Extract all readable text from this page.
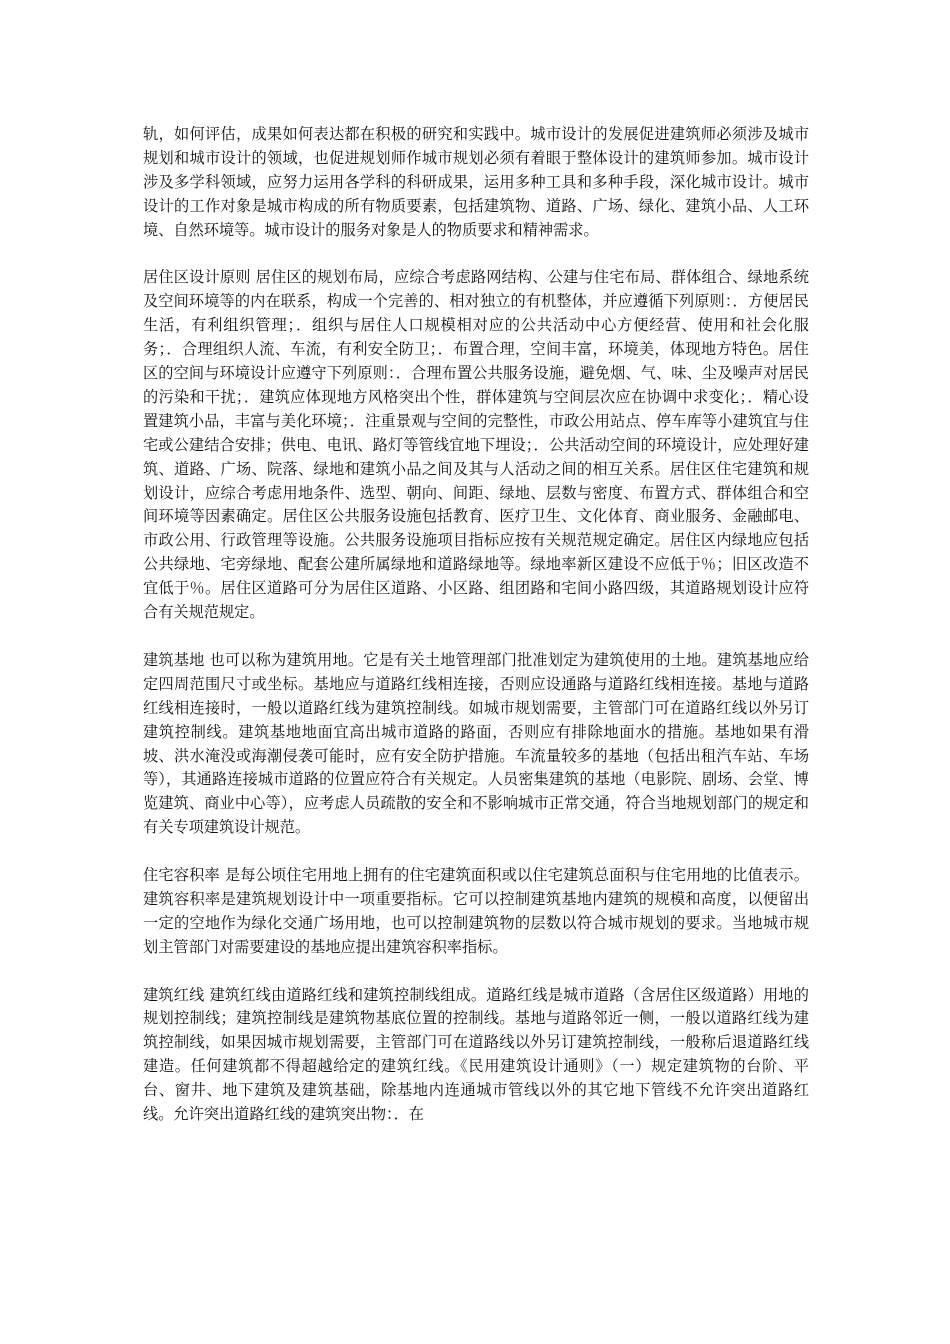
轨，如何评估，成果如何表达都在积极的研究和实践中。城市设计的发展促进建筑师必须涉及城市规划和城市设计的领域，也促进规划师作城市规划必须有着眼于整体设计的建筑师参加。城市设计涉及多学科领域，应努力运用各学科的科研成果，运用多种工具和多种手段，深化城市设计。城市设计的工作对象是城市构成的所有物质要素，包括建筑物、道路、广场、绿化、建筑小品、人工环境、自然环境等。城市设计的服务对象是人的物质要求和精神需求。

居住区设计原则 居住区的规划布局，应综合考虑路网结构、公建与住宅布局、群体组合、绿地系统及空间环境等的内在联系，构成一个完善的、相对独立的有机整体，并应遵循下列原则：．方便居民生活，有利组织管理；．组织与居住人口规模相对应的公共活动中心方便经营、使用和社会化服务；．合理组织人流、车流，有利安全防卫；．布置合理，空间丰富，环境美，体现地方特色。居住区的空间与环境设计应遵守下列原则：．合理布置公共服务设施，避免烟、气、味、尘及噪声对居民的污染和干扰；．建筑应体现地方风格突出个性，群体建筑与空间层次应在协调中求变化；．精心设置建筑小品，丰富与美化环境；．注重景观与空间的完整性，市政公用站点、停车库等小建筑宜与住宅或公建结合安排；供电、电讯、路灯等管线宜地下埋设；．公共活动空间的环境设计，应处理好建筑、道路、广场、院落、绿地和建筑小品之间及其与人活动之间的相互关系。居住区住宅建筑和规划设计，应综合考虑用地条件、选型、朝向、间距、绿地、层数与密度、布置方式、群体组合和空间环境等因素确定。居住区公共服务设施包括教育、医疗卫生、文化体育、商业服务、金融邮电、市政公用、行政管理等设施。公共服务设施项目指标应按有关规范规定确定。居住区内绿地应包括公共绿地、宅旁绿地、配套公建所属绿地和道路绿地等。绿地率新区建设不应低于％；旧区改造不宜低于％。居住区道路可分为居住区道路、小区路、组团路和宅间小路四级，其道路规划设计应符合有关规范规定。

建筑基地 也可以称为建筑用地。它是有关土地管理部门批准划定为建筑使用的土地。建筑基地应给定四周范围尺寸或坐标。基地应与道路红线相连接，否则应设通路与道路红线相连接。基地与道路红线相连接时，一般以道路红线为建筑控制线。如城市规划需要，主管部门可在道路红线以外另订建筑控制线。建筑基地地面宜高出城市道路的路面，否则应有排除地面水的措施。基地如果有滑坡、洪水淹没或海潮侵袭可能时，应有安全防护措施。车流量较多的基地（包括出租汽车站、车场等），其通路连接城市道路的位置应符合有关规定。人员密集建筑的基地（电影院、剧场、会堂、博览建筑、商业中心等），应考虑人员疏散的安全和不影响城市正常交通，符合当地规划部门的规定和有关专项建筑设计规范。

住宅容积率 是每公顷住宅用地上拥有的住宅建筑面积或以住宅建筑总面积与住宅用地的比值表示。建筑容积率是建筑规划设计中一项重要指标。它可以控制建筑基地内建筑的规模和高度，以便留出一定的空地作为绿化交通广场用地，也可以控制建筑物的层数以符合城市规划的要求。当地城市规划主管部门对需要建设的基地应提出建筑容积率指标。

建筑红线 建筑红线由道路红线和建筑控制线组成。道路红线是城市道路（含居住区级道路）用地的规划控制线；建筑控制线是建筑物基底位置的控制线。基地与道路邻近一侧，一般以道路红线为建筑控制线，如果因城市规划需要，主管部门可在道路线以外另订建筑控制线，一般称后退道路红线建造。任何建筑都不得超越给定的建筑红线。《民用建筑设计通则》（一）规定建筑物的台阶、平台、窗井、地下建筑及建筑基础，除基地内连通城市管线以外的其它地下管线不允许突出道路红线。允许突出道路红线的建筑突出物：．在
